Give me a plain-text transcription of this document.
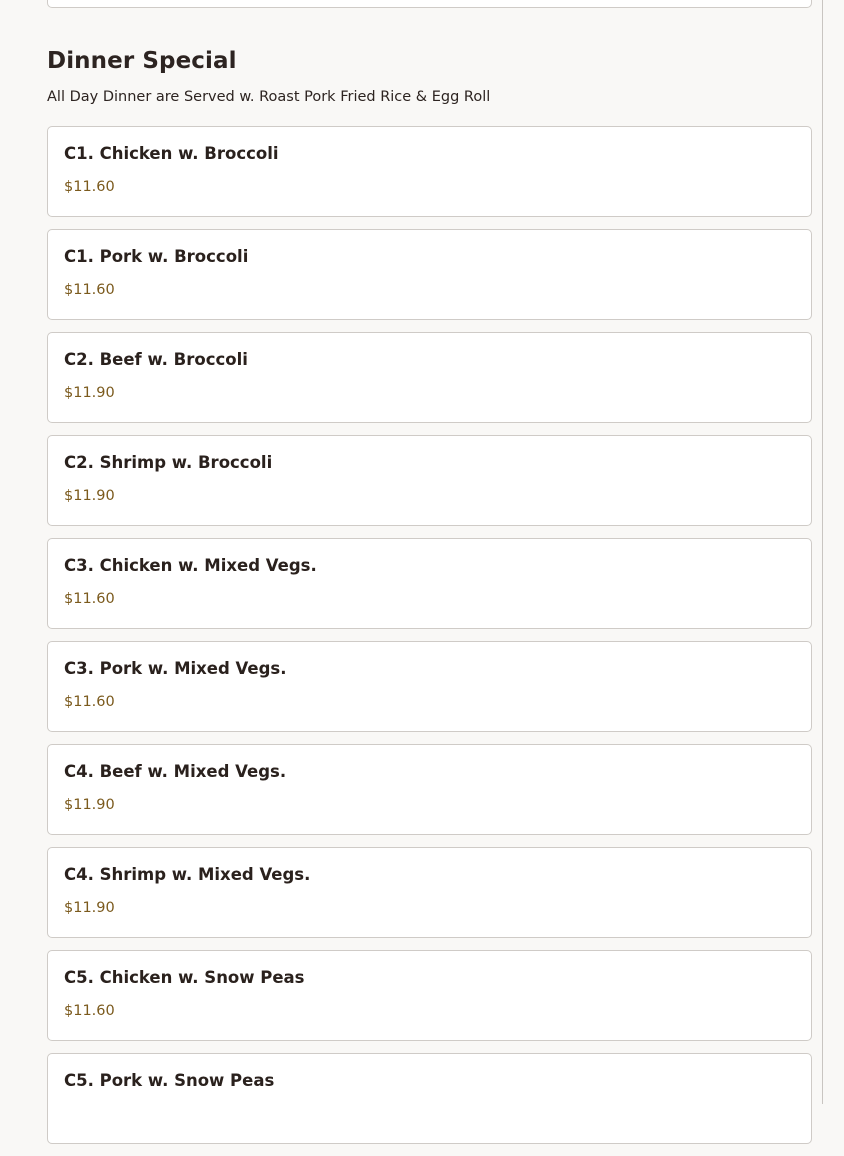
Dinner Special

All Day Dinner are Served w. Roast Pork Fried Rice & Egg Roll

C1. Chicken w. Broccoli
$11.60
C1. Pork w. Broccoli
$11.60
C2. Beef w. Broccoli
$11.90
C2. Shrimp w. Broccoli
$11.90
C3. Chicken w. Mixed Vegs.
$11.60
C3. Pork w. Mixed Vegs.
$11.60
C4. Beef w. Mixed Vegs.
$11.90
C4. Shrimp w. Mixed Vegs.
$11.90
C5. Chicken w. Snow Peas
$11.60
C5. Pork w. Snow Peas
